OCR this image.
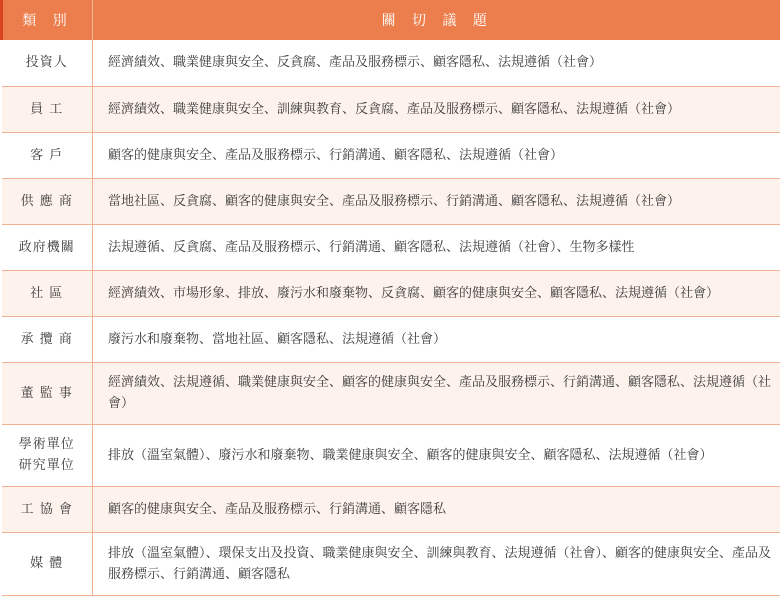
類 別	關 切 議 題

投資人	經濟績效、職業健康與安全、反貪腐、產品及服務標示、顧客隱私、法規遵循（社會）

員 工	經濟績效、職業健康與安全、訓練與教育、反貪腐、產品及服務標示、顧客隱私、法規遵循（社會）

客 戶	顧客的健康與安全、產品及服務標示、行銷溝通、顧客隱私、法規遵循（社會）

供 應 商	當地社區、反貪腐、顧客的健康與安全、產品及服務標示、行銷溝通、顧客隱私、法規遵循（社會）

政府機關	法規遵循、反貪腐、產品及服務標示、行銷溝通、顧客隱私、法規遵循（社會）、生物多樣性

社 區	經濟績效、市場形象、排放、廢污水和廢棄物、反貪腐、顧客的健康與安全、顧客隱私、法規遵循（社會）

承 攬 商	廢污水和廢棄物、當地社區、顧客隱私、法規遵循（社會）

董 監 事	經濟績效、法規遵循、職業健康與安全、顧客的健康與安全、產品及服務標示、行銷溝通、顧客隱私、法規遵循（社會）

學術單位
研究單位	排放（溫室氣體）、廢污水和廢棄物、職業健康與安全、顧客的健康與安全、顧客隱私、法規遵循（社會）

工 協 會	顧客的健康與安全、產品及服務標示、行銷溝通、顧客隱私

媒 體	排放（溫室氣體）、環保支出及投資、職業健康與安全、訓練與教育、法規遵循（社會）、顧客的健康與安全、產品及服務標示、行銷溝通、顧客隱私
